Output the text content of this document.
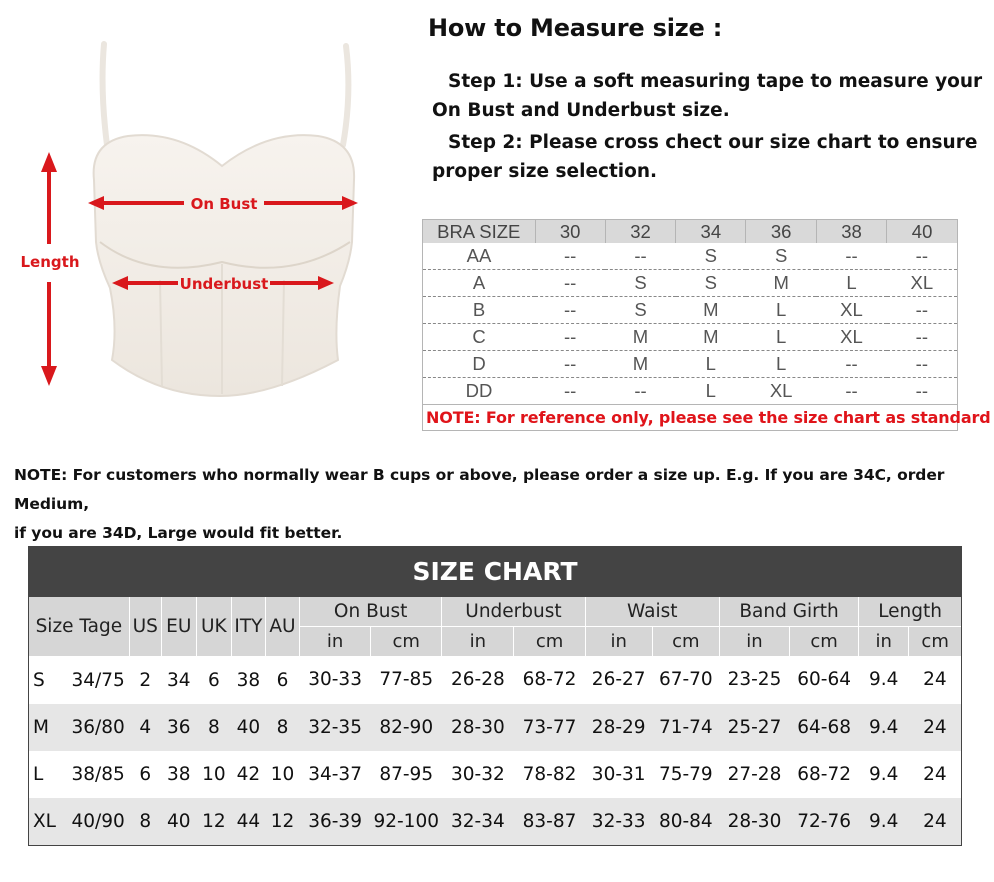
Length
On Bust
Underbust
How to Measure size :
Step 1: Use a soft measuring tape to measure your
On Bust and Underbust size.
Step 2: Please cross chect our size chart to ensure
proper size selection.
BRA SIZE	30	32	34	36	38	40
AA	--	--	S	S	--	--
A	--	S	S	M	L	XL
B	--	S	M	L	XL	--
C	--	M	M	L	XL	--
D	--	M	L	L	--	--
DD	--	--	L	XL	--	--
NOTE: For reference only, please see the size chart as standard
NOTE: For customers who normally wear B cups or above, please order a size up. E.g. If you are 34C, order Medium,
if you are 34D, Large would fit better.
SIZE CHART
Size Tage		US	EU	UK	ITY	AU	On Bust		Underbust		Waist		Band Girth		Length	
							in	cm	in	cm	in	cm	in	cm	in	cm
S	34/75	2	34	6	38	6	30-33	77-85	26-28	68-72	26-27	67-70	23-25	60-64	9.4	24
M	36/80	4	36	8	40	8	32-35	82-90	28-30	73-77	28-29	71-74	25-27	64-68	9.4	24
L	38/85	6	38	10	42	10	34-37	87-95	30-32	78-82	30-31	75-79	27-28	68-72	9.4	24
XL	40/90	8	40	12	44	12	36-39	92-100	32-34	83-87	32-33	80-84	28-30	72-76	9.4	24
